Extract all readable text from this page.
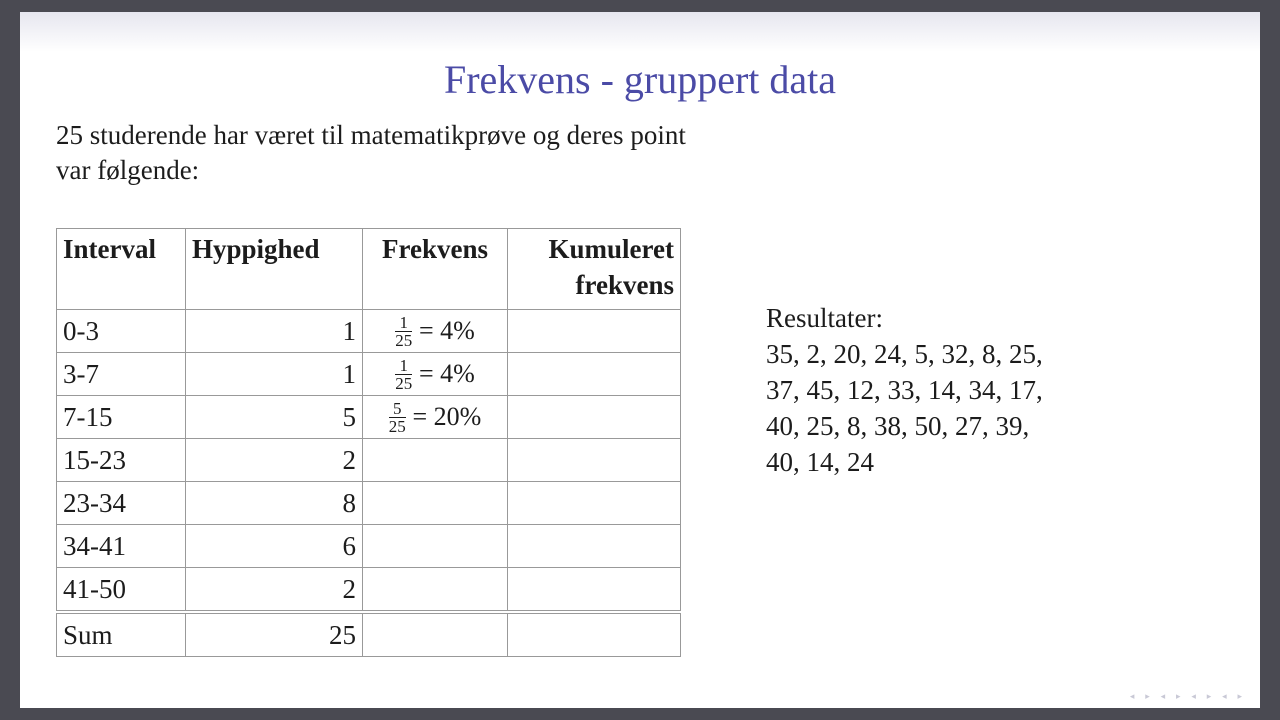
Frekvens - gruppert data
25 studerende har været til matematikprøve og deres point
var følgende:
Interval	Hyppighed	Frekvens	Kumuleret
frekvens
0-3	1	$\frac{1}{25} = 4\%$	
3-7	1	$\frac{1}{25} = 4\%$	
7-15	5	$\frac{5}{25} = 20\%$	
15-23	2		
23-34	8		
34-41	6		
41-50	2		
Sum	25		
Resultater:
35, 2, 20, 24, 5, 32, 8, 25,
37, 45, 12, 33, 14, 34, 17,
40, 25, 8, 38, 50, 27, 39,
40, 14, 24
◂ ▸ ◂ ▸ ◂ ▸ ◂ ▸
